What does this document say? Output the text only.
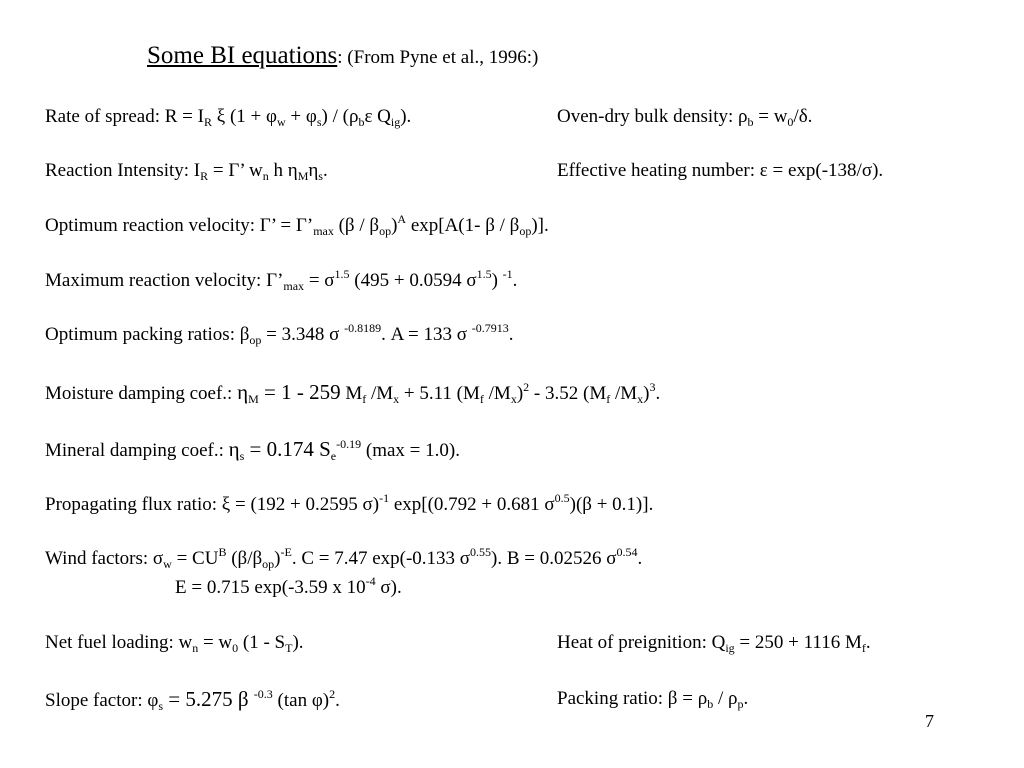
Some BI equations: (From Pyne et al., 1996:)
Rate of spread: $R = I_R$ ξ $(1 + \varphi_w + \varphi_s) / (\rho_b\varepsilon$ $Q_{ig}$).	Oven-dry bulk density: $\rho_b = w_0/\delta$.
Reaction Intensity: $I_R = \Gamma$’ $w_n$ h $\eta_M\eta_s$.	Effective heating number: ε = exp(-138/σ).
Optimum reaction velocity: Γ’ = $\Gamma’_{max}$ $(\beta / \beta_{op})^A$ exp[A(1- β / $\beta_{op}$)].
Maximum reaction velocity: $\Gamma’_{max} = \sigma^{1.5}$ (495 + 0.0594 $\sigma^{1.5}$) $^{-1}$.
Optimum packing ratios: $\beta_{op} = 3.348$ σ $^{-0.8189}$. A = 133 σ $^{-0.7913}$.
Moisture damping coef.: $\eta_M = 1 - 259$ $M_f$ $/M_x + 5.11$ ($M_f$ $/M_x)^2 - 3.52$ ($M_f$ $/M_x)^3$.
Mineral damping coef.: $\eta_s = 0.174$ $S_e^{-0.19}$ (max = 1.0).
Propagating flux ratio: ξ = (192 + 0.2595 σ)$^{-1}$ exp[(0.792 + 0.681 $\sigma^{0.5})(\beta + 0.1)$].
Wind factors: $\sigma_w = CU^B$ $(\beta/\beta_{op})^{-E}$. C = 7.47 exp(-0.133 $\sigma^{0.55}$). B = 0.02526 $\sigma^{0.54}$.
E = 0.715 exp(-3.59 x $10^{-4}$ σ).
Net fuel loading: $w_n = w_0$ $(1 - S_T)$.	Heat of preignition: $Q_{ig} = 250 + 1116$ $M_f$.
Slope factor: $\varphi_s = 5.275$ β $^{-0.3}$ (tan φ)$^2$.	Packing ratio: $\beta = \rho_b / \rho_p$.
7
